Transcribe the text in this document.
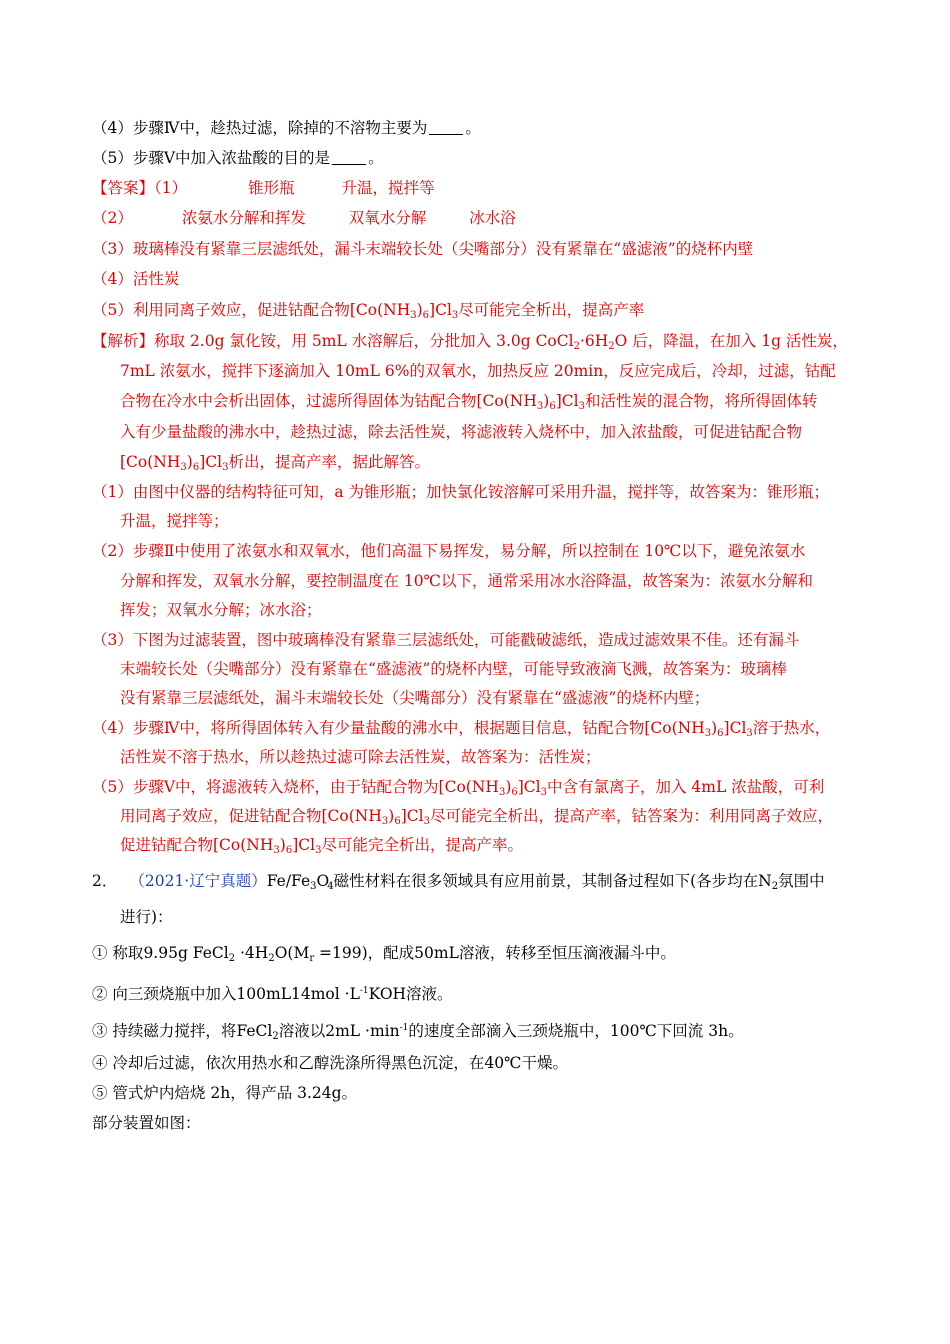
（4）步骤Ⅳ中，趁热过滤，除掉的不溶物主要为 。
（5）步骤Ⅴ中加入浓盐酸的目的是 。
【答案】（1）	锥形瓶	升温，搅拌等
（2）	浓氨水分解和挥发	双氧水分解	冰水浴
（3）玻璃棒没有紧靠三层滤纸处，漏斗末端较长处（尖嘴部分）没有紧靠在“盛滤液”的烧杯内壁
（4）活性炭
（5）利用同离子效应，促进钴配合物$[Co(NH_3)_6]Cl_3$尽可能完全析出，提高产率
【解析】称取 2.0g 氯化铵，用 5mL 水溶解后，分批加入 3.0g $CoCl_2\cdot 6H_2O$ 后，降温，在加入 1g 活性炭，
7mL 浓氨水，搅拌下逐滴加入 10mL 6%的双氧水，加热反应 20min，反应完成后，冷却，过滤，钴配
合物在冷水中会析出固体，过滤所得固体为钴配合物$[Co(NH_3)_6]Cl_3$和活性炭的混合物，将所得固体转
入有少量盐酸的沸水中，趁热过滤，除去活性炭，将滤液转入烧杯中，加入浓盐酸，可促进钴配合物
$[Co(NH_3)_6]Cl_3$析出，提高产率，据此解答。
（1）由图中仪器的结构特征可知，a 为锥形瓶；加快氯化铵溶解可采用升温，搅拌等，故答案为：锥形瓶；
升温，搅拌等；
（2）步骤Ⅱ中使用了浓氨水和双氧水，他们高温下易挥发，易分解，所以控制在 10℃以下，避免浓氨水
分解和挥发，双氧水分解，要控制温度在 10℃以下，通常采用冰水浴降温，故答案为：浓氨水分解和
挥发；双氧水分解；冰水浴；
（3）下图为过滤装置，图中玻璃棒没有紧靠三层滤纸处，可能戳破滤纸，造成过滤效果不佳。还有漏斗
末端较长处（尖嘴部分）没有紧靠在“盛滤液”的烧杯内壁，可能导致液滴飞溅，故答案为：玻璃棒
没有紧靠三层滤纸处，漏斗末端较长处（尖嘴部分）没有紧靠在“盛滤液”的烧杯内壁；
（4）步骤Ⅳ中，将所得固体转入有少量盐酸的沸水中，根据题目信息，钴配合物$[Co(NH_3)_6]Cl_3$溶于热水，
活性炭不溶于热水，所以趁热过滤可除去活性炭，故答案为：活性炭；
（5）步骤Ⅴ中，将滤液转入烧杯，由于钴配合物为$[Co(NH_3)_6]Cl_3$中含有氯离子，加入 4mL 浓盐酸，可利
用同离子效应，促进钴配合物$[Co(NH_3)_6]Cl_3$尽可能完全析出，提高产率，钴答案为：利用同离子效应，
促进钴配合物$[Co(NH_3)_6]Cl_3$尽可能完全析出，提高产率。
2． （2021·辽宁真题）$Fe/Fe_3O_4$磁性材料在很多领域具有应用前景，其制备过程如下(各步均在$N_2$氛围中
进行)：
① 称取9.95g FeCl$_2$ $\cdot 4H_2O(M_r =199)$，配成50mL溶液，转移至恒压滴液漏斗中。
② 向三颈烧瓶中加入$100mL14mol \cdot L^{-1}KOH$溶液。
③ 持续磁力搅拌，将FeCl$_2$溶液以$2mL \cdot\min^{-1}$的速度全部滴入三颈烧瓶中，100℃下回流 3h。
④ 冷却后过滤，依次用热水和乙醇洗涤所得黑色沉淀，在40℃干燥。
⑤ 管式炉内焙烧 2h，得产品 3.24g。
部分装置如图：
